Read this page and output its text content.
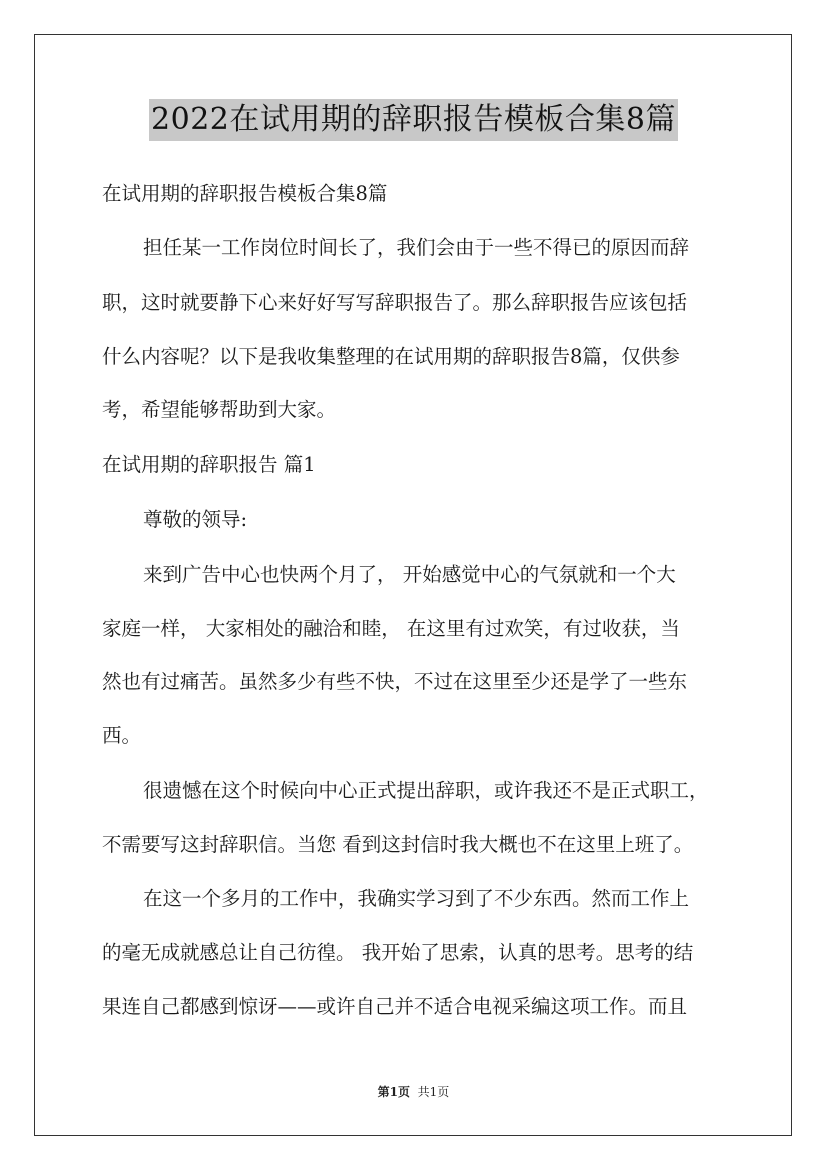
2022在试用期的辞职报告模板合集8篇
在试用期的辞职报告模板合集8篇
担任某一工作岗位时间长了，我们会由于一些不得已的原因而辞
职，这时就要静下心来好好写写辞职报告了。那么辞职报告应该包括
什么内容呢？以下是我收集整理的在试用期的辞职报告8篇，仅供参
考，希望能够帮助到大家。
在试用期的辞职报告 篇1
尊敬的领导:
来到广告中心也快两个月了， 开始感觉中心的气氛就和一个大
家庭一样， 大家相处的融洽和睦， 在这里有过欢笑，有过收获，当
然也有过痛苦。虽然多少有些不快，不过在这里至少还是学了一些东
西。
很遗憾在这个时候向中心正式提出辞职，或许我还不是正式职工，
不需要写这封辞职信。当您 看到这封信时我大概也不在这里上班了。
在这一个多月的工作中，我确实学习到了不少东西。然而工作上
的毫无成就感总让自己彷徨。 我开始了思索，认真的思考。思考的结
果连自己都感到惊讶——或许自己并不适合电视采编这项工作。而且
第1页 共1页
